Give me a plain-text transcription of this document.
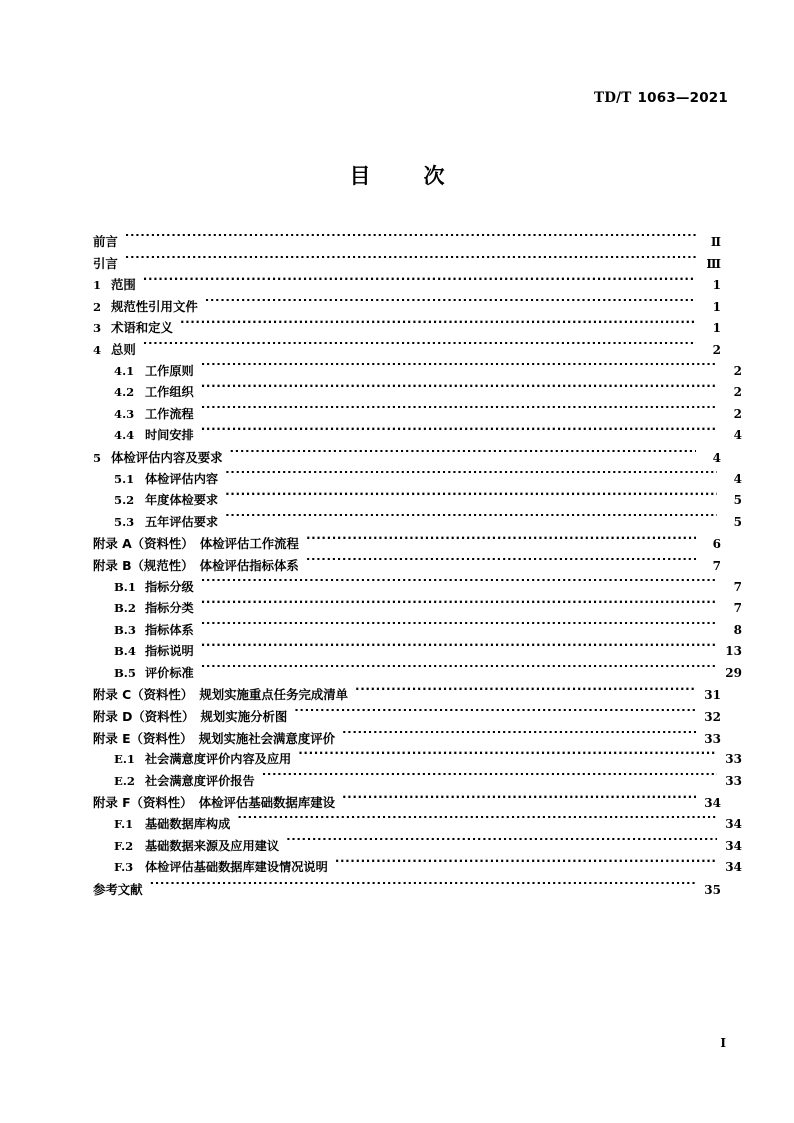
TD/T 1063—2021
目　次
前言 ·····	Ⅱ
引言 ·····	Ⅲ
1 范围 ·····	1
2 规范性引用文件 ·····	1
3 术语和定义 ·····	1
4 总则 ·····	2
4.1 工作原则 ·····	2
4.2 工作组织 ·····	2
4.3 工作流程 ·····	2
4.4 时间安排 ·····	4
5 体检评估内容及要求 ·····	4
5.1 体检评估内容 ·····	4
5.2 年度体检要求 ·····	5
5.3 五年评估要求 ·····	5
附录 A（资料性）　体检评估工作流程 ·····	6
附录 B（规范性）　体检评估指标体系 ·····	7
B.1 指标分级 ·····	7
B.2 指标分类 ·····	7
B.3 指标体系 ·····	8
B.4 指标说明 ·····	13
B.5 评价标准 ·····	29
附录 C（资料性）　规划实施重点任务完成清单 ·····	31
附录 D（资料性）　规划实施分析图 ·····	32
附录 E（资料性）　规划实施社会满意度评价 ·····	33
E.1 社会满意度评价内容及应用 ·····	33
E.2 社会满意度评价报告 ·····	33
附录 F（资料性）　体检评估基础数据库建设 ·····	34
F.1 基础数据库构成 ·····	34
F.2 基础数据来源及应用建议 ·····	34
F.3 体检评估基础数据库建设情况说明 ·····	34
参考文献 ·····	35
I
